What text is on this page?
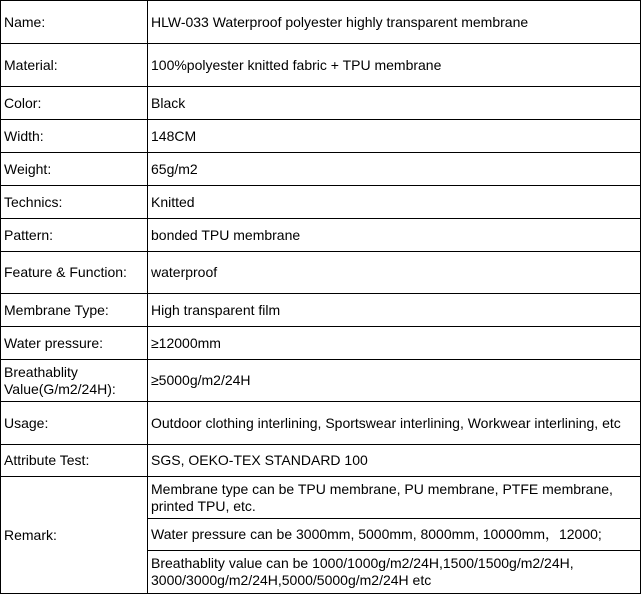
Name:	HLW-033 Waterproof polyester highly transparent membrane

Material:	100%polyester knitted fabric + TPU membrane

Color:	Black

Width:	148CM

Weight:	65g/m2

Technics:	Knitted

Pattern:	bonded TPU membrane

Feature & Function:	waterproof

Membrane Type:	High transparent film

Water pressure:	≥12000mm

Breathablity Value(G/m2/24H):	≥5000g/m2/24H

Usage:	Outdoor clothing interlining, Sportswear interlining, Workwear interlining, etc

Attribute Test:	SGS, OEKO-TEX STANDARD 100

Remark:	Membrane type can be TPU membrane, PU membrane, PTFE membrane, printed TPU, etc.

	Water pressure can be 3000mm, 5000mm, 8000mm, 10000mm，12000;

	Breathablity value can be 1000/1000g/m2/24H,1500/1500g/m2/24H, 3000/3000g/m2/24H,5000/5000g/m2/24H etc
